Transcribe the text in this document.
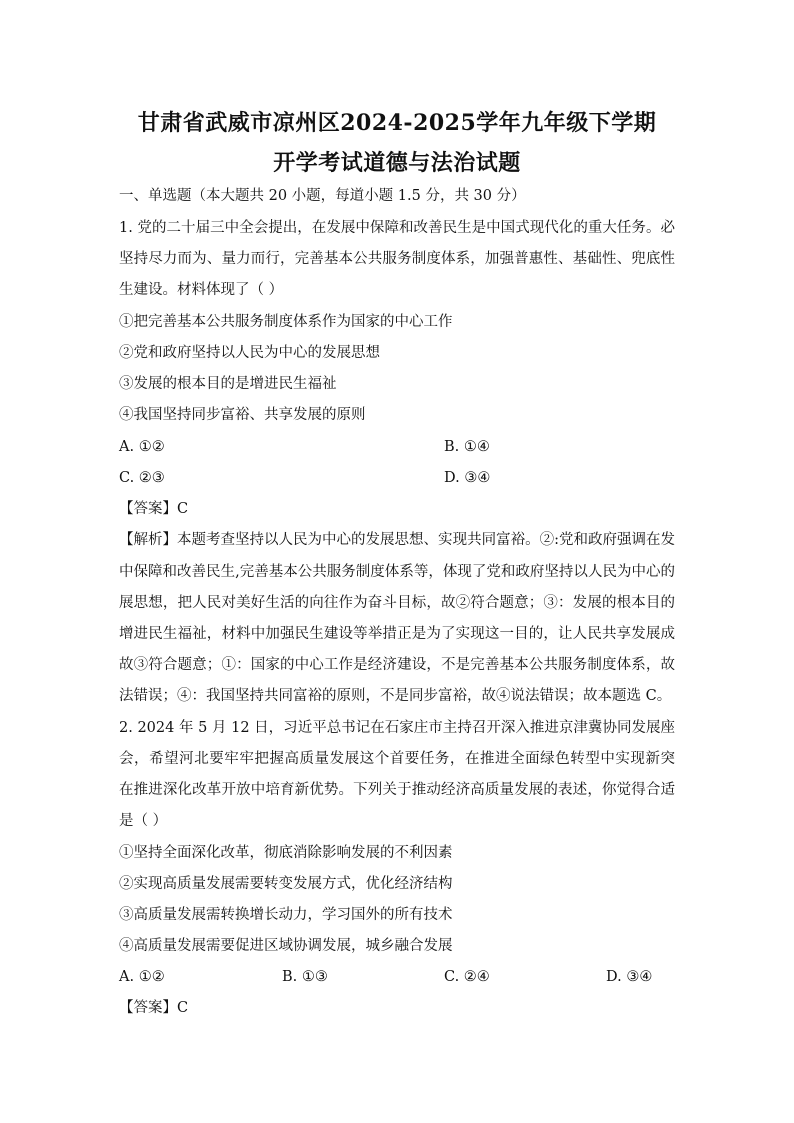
甘肃省武威市凉州区2024-2025学年九年级下学期
开学考试道德与法治试题
一、单选题（本大题共 20 小题，每道小题 1.5 分，共 30 分）
1. 党的二十届三中全会提出，在发展中保障和改善民生是中国式现代化的重大任务。必
坚持尽力而为、量力而行，完善基本公共服务制度体系，加强普惠性、基础性、兜底性
生建设。材料体现了（ ）
①把完善基本公共服务制度体系作为国家的中心工作
②党和政府坚持以人民为中心的发展思想
③发展的根本目的是增进民生福祉
④我国坚持同步富裕、共享发展的原则
A. ①②	B. ①④
C. ②③	D. ③④
【答案】C
【解析】本题考查坚持以人民为中心的发展思想、实现共同富裕。②:党和政府强调在发
中保障和改善民生,完善基本公共服务制度体系等，体现了党和政府坚持以人民为中心的
展思想，把人民对美好生活的向往作为奋斗目标，故②符合题意；③：发展的根本目的
增进民生福祉，材料中加强民生建设等举措正是为了实现这一目的，让人民共享发展成
故③符合题意；①：国家的中心工作是经济建设，不是完善基本公共服务制度体系，故
法错误；④：我国坚持共同富裕的原则，不是同步富裕，故④说法错误；故本题选 C。
2. 2024 年 5 月 12 日，习近平总书记在石家庄市主持召开深入推进京津冀协同发展座
会，希望河北要牢牢把握高质量发展这个首要任务，在推进全面绿色转型中实现新突
在推进深化改革开放中培育新优势。下列关于推动经济高质量发展的表述，你觉得合适
是（ ）
①坚持全面深化改革，彻底消除影响发展的不利因素
②实现高质量发展需要转变发展方式，优化经济结构
③高质量发展需转换增长动力，学习国外的所有技术
④高质量发展需要促进区域协调发展，城乡融合发展
A. ①②	B. ①③	C. ②④	D. ③④
【答案】C
